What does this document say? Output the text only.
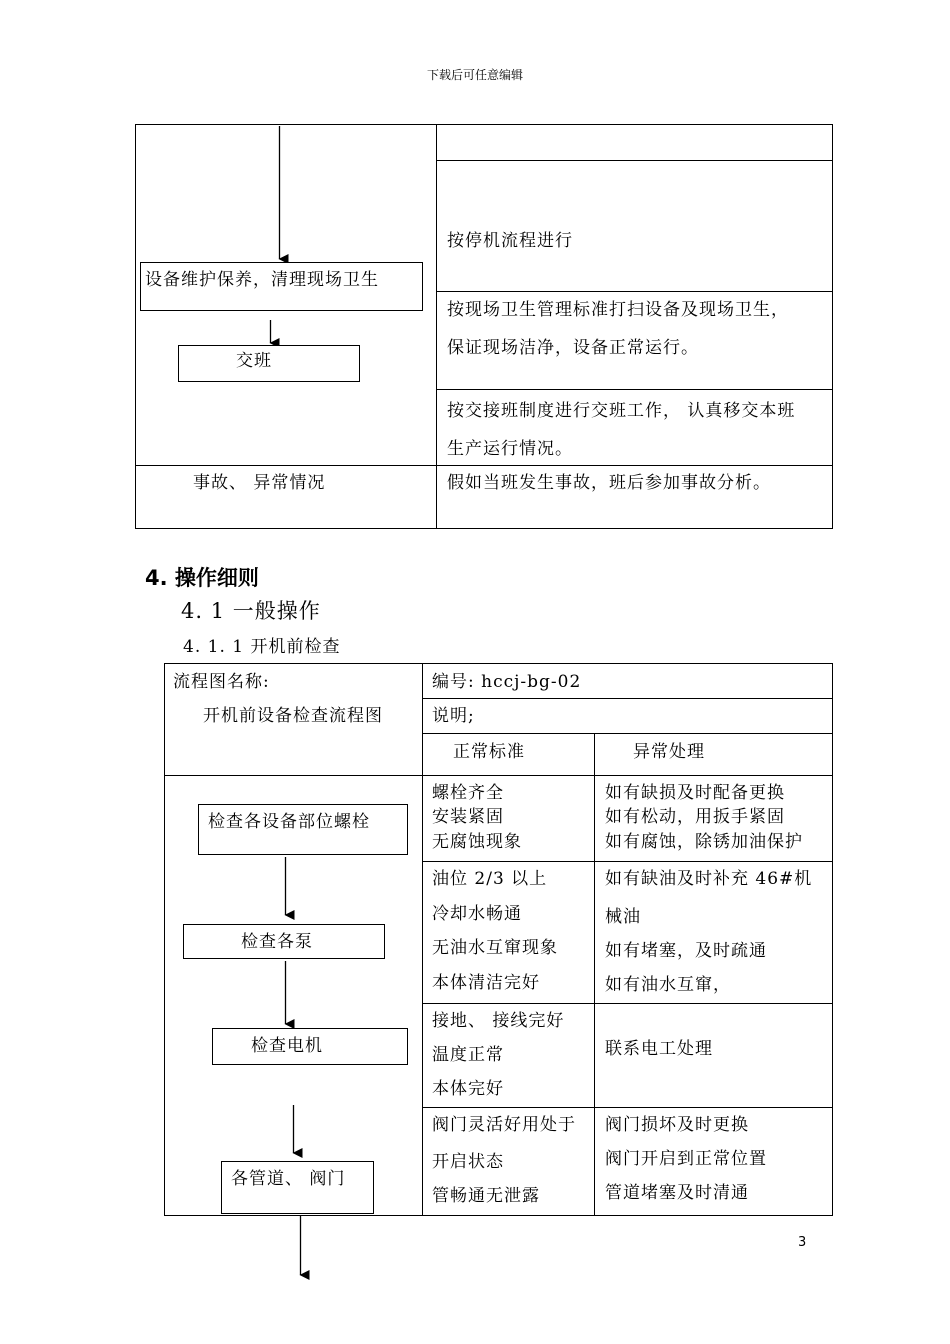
下载后可任意编辑
设备维护保养，清理现场卫生
交班
按停机流程进行
按现场卫生管理标准打扫设备及现场卫生，
保证现场洁净，设备正常运行。
按交接班制度进行交班工作， 认真移交本班
生产运行情况。
事故、 异常情况	假如当班发生事故，班后参加事故分析。
4. 操作细则
4. 1 一般操作
4. 1. 1 开机前检查
流程图名称:
开机前设备检查流程图
编号: hccj-bg-02
说明;
正常标准	异常处理
检查各设备部位螺栓
检查各泵
检查电机
各管道、 阀门
螺栓齐全
安装紧固
无腐蚀现象
如有缺损及时配备更换
如有松动，用扳手紧固
如有腐蚀，除锈加油保护
油位 2/3 以上
冷却水畅通
无油水互窜现象
本体清洁完好
如有缺油及时补充 46#机
械油
如有堵塞，及时疏通
如有油水互窜，
接地、 接线完好
温度正常
本体完好
联系电工处理
阀门灵活好用处于
开启状态
管畅通无泄露
阀门损坏及时更换
阀门开启到正常位置
管道堵塞及时清通
3
